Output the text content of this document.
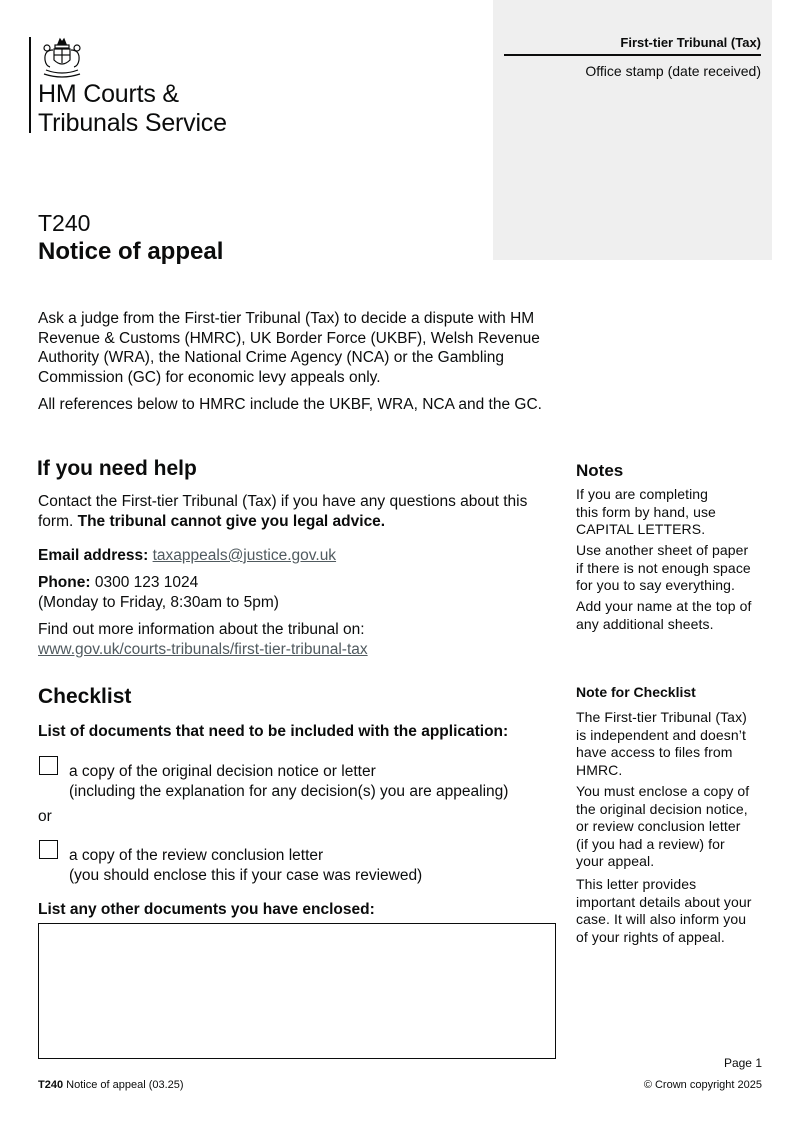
HM Courts &
Tribunals Service
First-tier Tribunal (Tax)
Office stamp (date received)
T240
Notice of appeal

Ask a judge from the First-tier Tribunal (Tax) to decide a dispute with HM Revenue & Customs (HMRC), UK Border Force (UKBF), Welsh Revenue Authority (WRA), the National Crime Agency (NCA) or the Gambling Commission (GC) for economic levy appeals only.

All references below to HMRC include the UKBF, WRA, NCA and the GC.
If you need help
Contact the First-tier Tribunal (Tax) if you have any questions about this form. The tribunal cannot give you legal advice.
Email address: taxappeals@justice.gov.uk
Phone: 0300 123 1024
(Monday to Friday, 8:30am to 5pm)
Find out more information about the tribunal on:
www.gov.uk/courts-tribunals/first-tier-tribunal-tax
Checklist
List of documents that need to be included with the application:
a copy of the original decision notice or letter
(including the explanation for any decision(s) you are appealing)
or
a copy of the review conclusion letter
(you should enclose this if your case was reviewed)
List any other documents you have enclosed:
Notes
If you are completing
this form by hand, use
CAPITAL LETTERS.
Use another sheet of paper
if there is not enough space
for you to say everything.
Add your name at the top of
any additional sheets.
Note for Checklist
The First-tier Tribunal (Tax)
is independent and doesn’t
have access to files from
HMRC.
You must enclose a copy of
the original decision notice,
or review conclusion letter
(if you had a review) for
your appeal.
This letter provides
important details about your
case. It will also inform you
of your rights of appeal.
Page 1
T240 Notice of appeal (03.25)	© Crown copyright 2025
